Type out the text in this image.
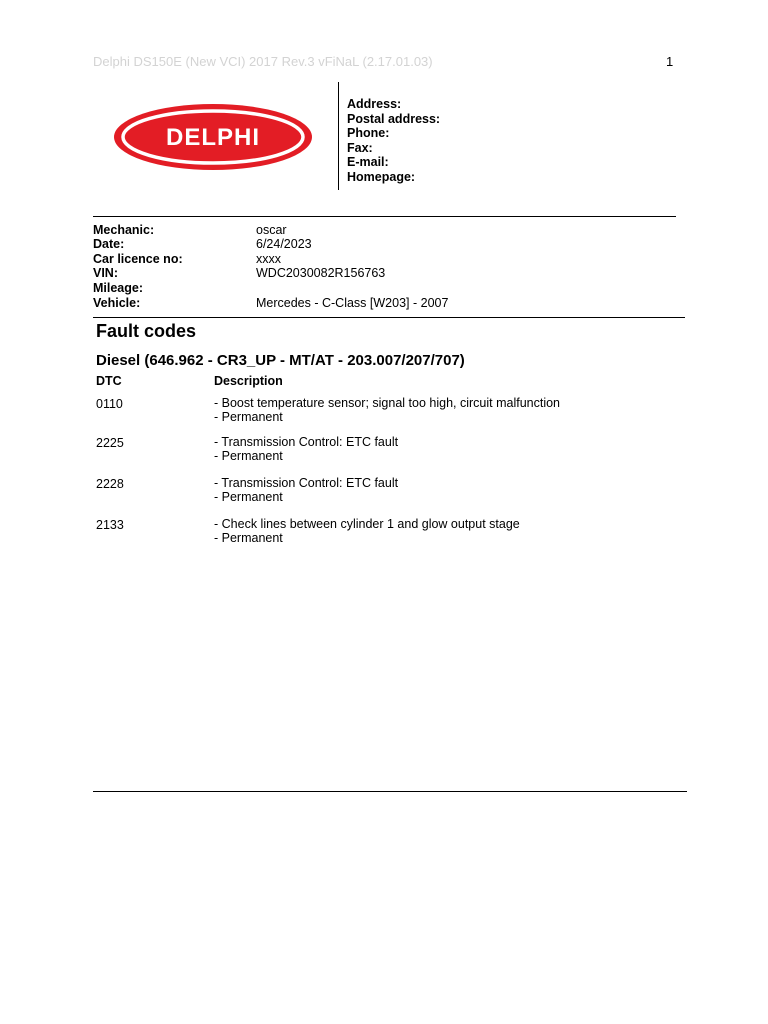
Delphi DS150E (New VCI) 2017 Rev.3 vFiNaL (2.17.01.03)	1
DELPHI
Address:
Postal address:
Phone:
Fax:
E-mail:
Homepage:
Mechanic:	oscar
Date:	6/24/2023
Car licence no:	xxxx
VIN:	WDC2030082R156763
Mileage:
Vehicle:	Mercedes - C-Class [W203] - 2007
Fault codes
Diesel (646.962 - CR3_UP - MT/AT - 203.007/207/707)
DTC	Description
0110	- Boost temperature sensor; signal too high, circuit malfunction
- Permanent
2225	- Transmission Control: ETC fault
- Permanent
2228	- Transmission Control: ETC fault
- Permanent
2133	- Check lines between cylinder 1 and glow output stage
- Permanent
